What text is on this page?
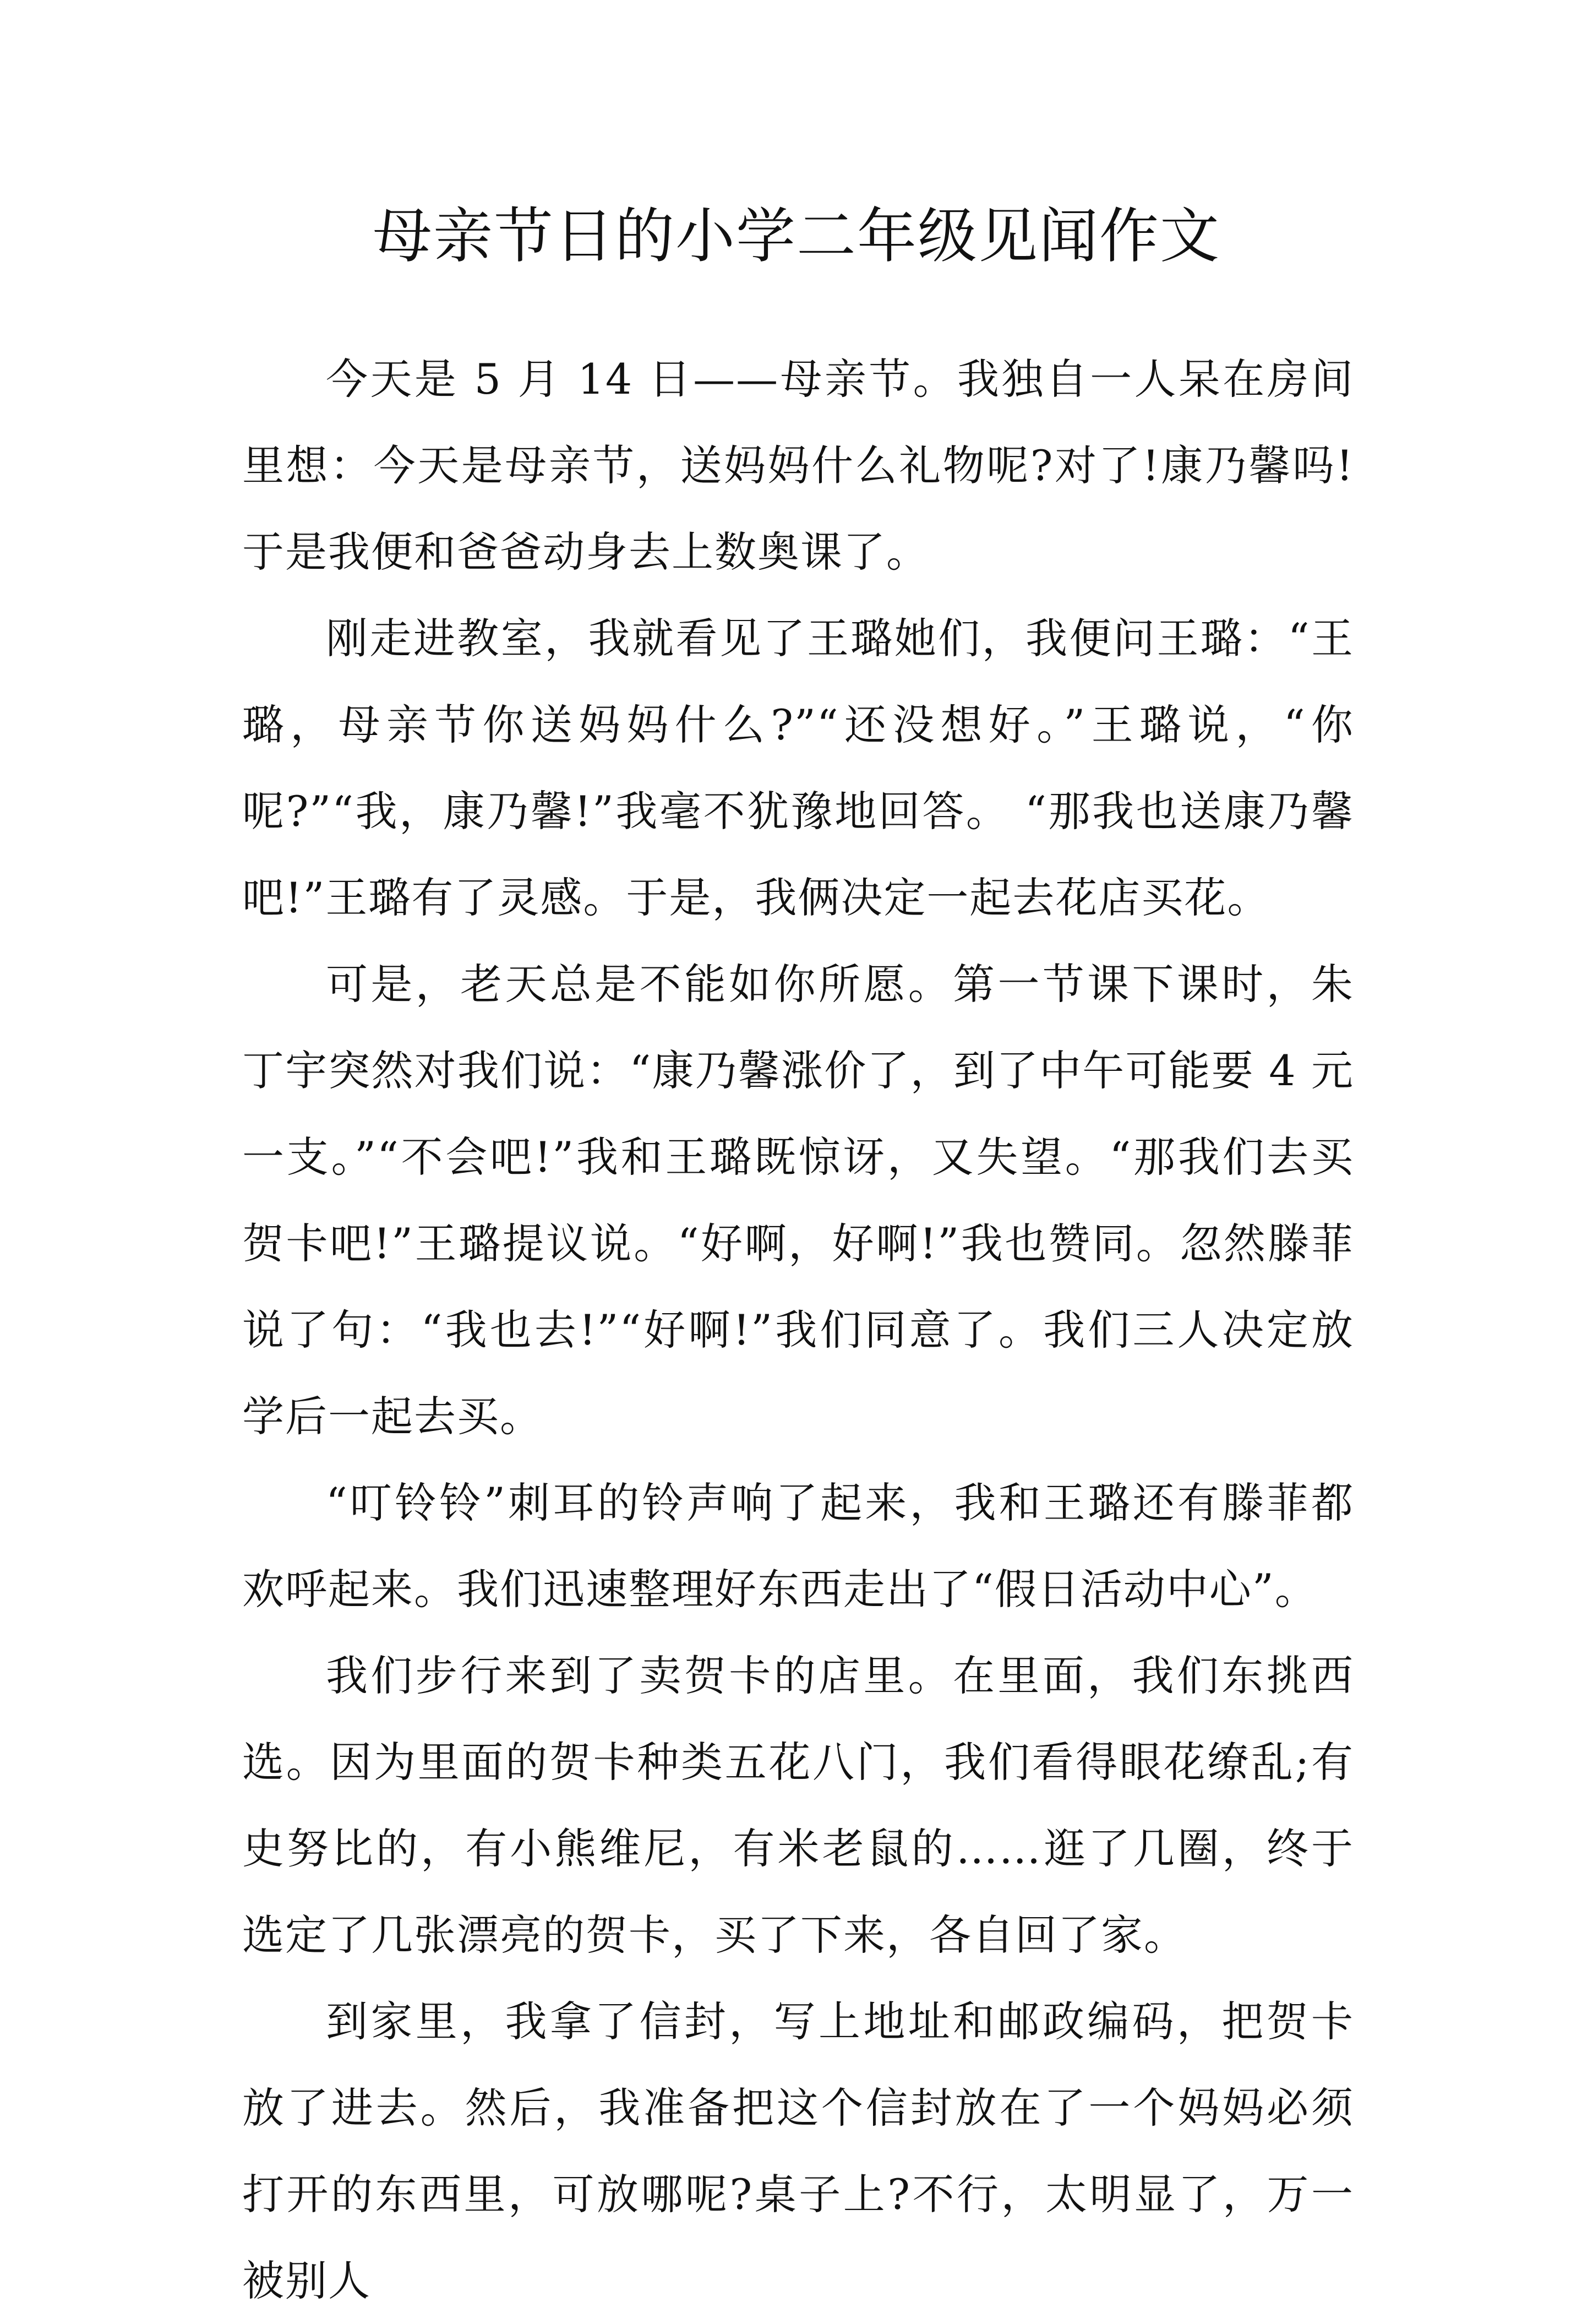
母亲节日的小学二年级见闻作文

今天是 5 月 14 日——母亲节。我独自一人呆在房间里想：今天是母亲节，送妈妈什么礼物呢?对了!康乃馨吗!于是我便和爸爸动身去上数奥课了。

刚走进教室，我就看见了王璐她们，我便问王璐：“王璐，母亲节你送妈妈什么?”“还没想好。”王璐说，“你呢?”“我，康乃馨!”我毫不犹豫地回答。 “那我也送康乃馨吧!”王璐有了灵感。于是，我俩决定一起去花店买花。

可是，老天总是不能如你所愿。第一节课下课时，朱丁宇突然对我们说：“康乃馨涨价了，到了中午可能要 4 元一支。”“不会吧!”我和王璐既惊讶，又失望。“那我们去买贺卡吧!”王璐提议说。“好啊，好啊!”我也赞同。忽然滕菲说了句：“我也去!”“好啊!”我们同意了。我们三人决定放学后一起去买。

“叮铃铃”刺耳的铃声响了起来，我和王璐还有滕菲都欢呼起来。我们迅速整理好东西走出了“假日活动中心”。

我们步行来到了卖贺卡的店里。在里面，我们东挑西选。因为里面的贺卡种类五花八门，我们看得眼花缭乱;有史努比的，有小熊维尼，有米老鼠的……逛了几圈，终于选定了几张漂亮的贺卡，买了下来，各自回了家。

到家里，我拿了信封，写上地址和邮政编码，把贺卡放了进去。然后，我准备把这个信封放在了一个妈妈必须打开的东西里，可放哪呢?桌子上?不行，太明显了，万一被别人
